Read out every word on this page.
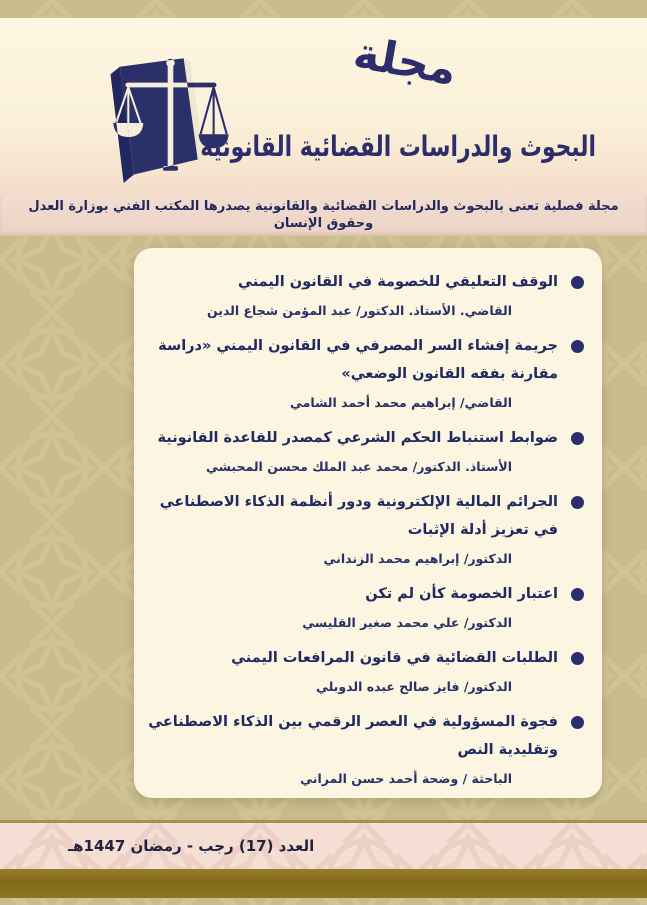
مجلة
البحوث والدراسات القضائية القانونية
مجلة فصلية تعنى بالبحوث والدراسات القضائية والقانونية يصدرها المكتب الفني بوزارة العدل وحقوق الإنسان
الوقف التعليقي للخصومة في القانون اليمني
القاضي. الأستاذ. الدكتور/ عبد المؤمن شجاع الدين
جريمة إفشاء السر المصرفي في القانون اليمني «دراسة مقارنة بفقه القانون الوضعي»
القاضي/ إبراهيم محمد أحمد الشامي
ضوابط استنباط الحكم الشرعي كمصدر للقاعدة القانونية
الأستاذ. الدكتور/ محمد عبد الملك محسن المحبشي
الجرائم المالية الإلكترونية ودور أنظمة الذكاء الاصطناعي في تعزيز أدلة الإثبات
الدكتور/ إبراهيم محمد الزنداني
اعتبار الخصومة كأن لم تكن
الدكتور/ علي محمد صغير القليسي
الطلبات القضائية في قانون المرافعات اليمني
الدكتور/ فايز صالح عبده الدوبلي
فجوة المسؤولية في العصر الرقمي بين الذكاء الاصطناعي وتقليدية النص
الباحثة / وضحة أحمد حسن المراني
العدد (17) رجب - رمضان 1447هـ
